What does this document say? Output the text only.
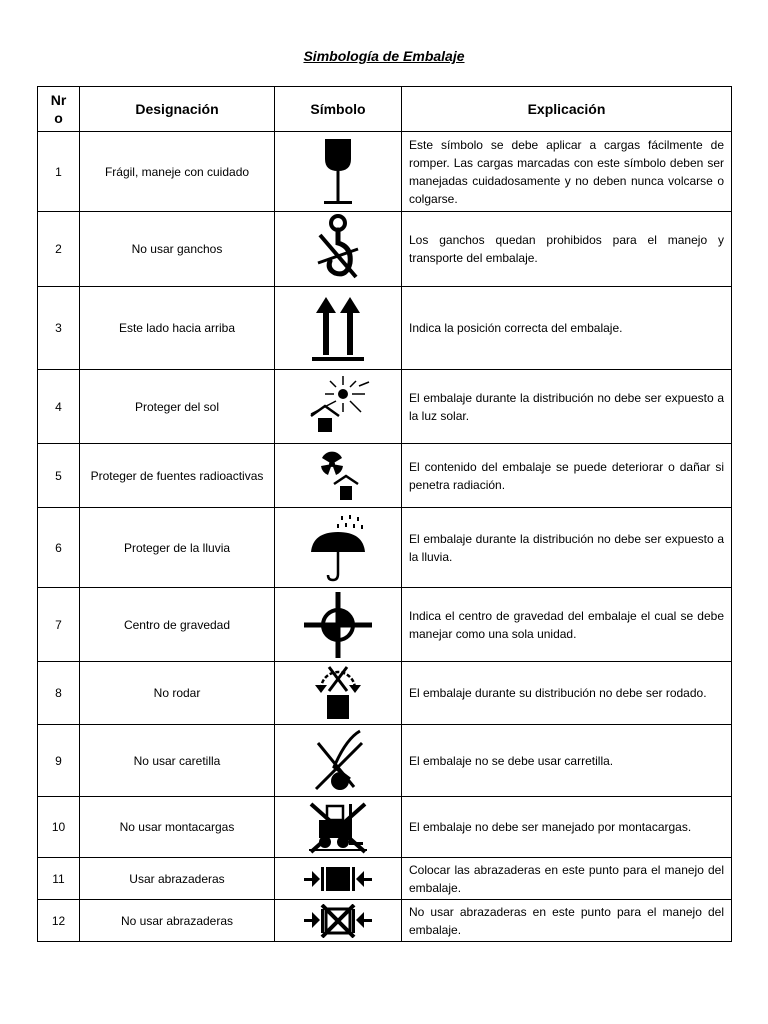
Simbología de Embalaje
Nr
o	Designación	Símbolo	Explicación
1	Frágil, maneje con cuidado		Este símbolo se debe aplicar a cargas fácilmente de romper. Las cargas marcadas con este símbolo deben ser manejadas cuidadosamente y no deben nunca volcarse o colgarse.
2	No usar ganchos		Los ganchos quedan prohibidos para el manejo y transporte del embalaje.
3	Este lado hacia arriba		Indica la posición correcta del embalaje.
4	Proteger del sol		El embalaje durante la distribución no debe ser expuesto a la luz solar.
5	Proteger de fuentes radioactivas		El contenido del embalaje se puede deteriorar o dañar si penetra radiación.
6	Proteger de la lluvia		El embalaje durante la distribución no debe ser expuesto a la lluvia.
7	Centro de gravedad		Indica el centro de gravedad del embalaje el cual se debe manejar como una sola unidad.
8	No rodar		El embalaje durante su distribución no debe ser rodado.
9	No usar caretilla		El embalaje no se debe usar carretilla.
10	No usar montacargas		El embalaje no debe ser manejado por montacargas.
11	Usar abrazaderas		Colocar las abrazaderas en este punto para el manejo del embalaje.
12	No usar abrazaderas		No usar abrazaderas en este punto para el manejo del embalaje.
